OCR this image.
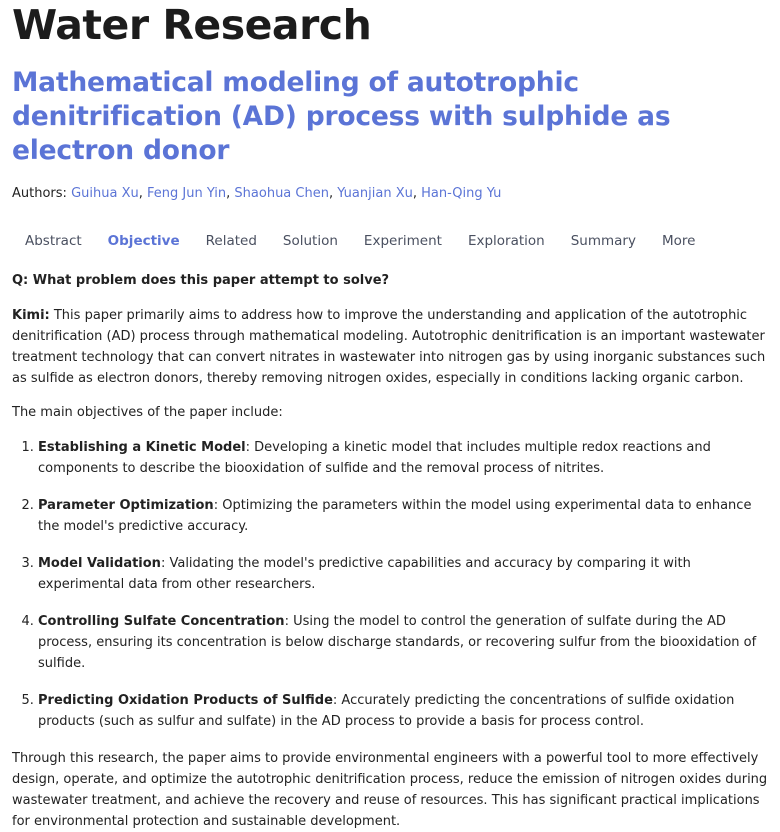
Water Research
Mathematical modeling of autotrophic denitrification (AD) process with sulphide as electron donor
Authors: Guihua Xu, Feng Jun Yin, Shaohua Chen, Yuanjian Xu, Han-Qing Yu
Abstract	Objective	Related	Solution	Experiment	Exploration	Summary	More

Q: What problem does this paper attempt to solve?

Kimi: This paper primarily aims to address how to improve the understanding and application of the autotrophic denitrification (AD) process through mathematical modeling. Autotrophic denitrification is an important wastewater treatment technology that can convert nitrates in wastewater into nitrogen gas by using inorganic substances such as sulfide as electron donors, thereby removing nitrogen oxides, especially in conditions lacking organic carbon.

The main objectives of the paper include:

1. Establishing a Kinetic Model: Developing a kinetic model that includes multiple redox reactions and components to describe the biooxidation of sulfide and the removal process of nitrites.
2. Parameter Optimization: Optimizing the parameters within the model using experimental data to enhance the model's predictive accuracy.
3. Model Validation: Validating the model's predictive capabilities and accuracy by comparing it with experimental data from other researchers.
4. Controlling Sulfate Concentration: Using the model to control the generation of sulfate during the AD process, ensuring its concentration is below discharge standards, or recovering sulfur from the biooxidation of sulfide.
5. Predicting Oxidation Products of Sulfide: Accurately predicting the concentrations of sulfide oxidation products (such as sulfur and sulfate) in the AD process to provide a basis for process control.

Through this research, the paper aims to provide environmental engineers with a powerful tool to more effectively design, operate, and optimize the autotrophic denitrification process, reduce the emission of nitrogen oxides during wastewater treatment, and achieve the recovery and reuse of resources. This has significant practical implications for environmental protection and sustainable development.
